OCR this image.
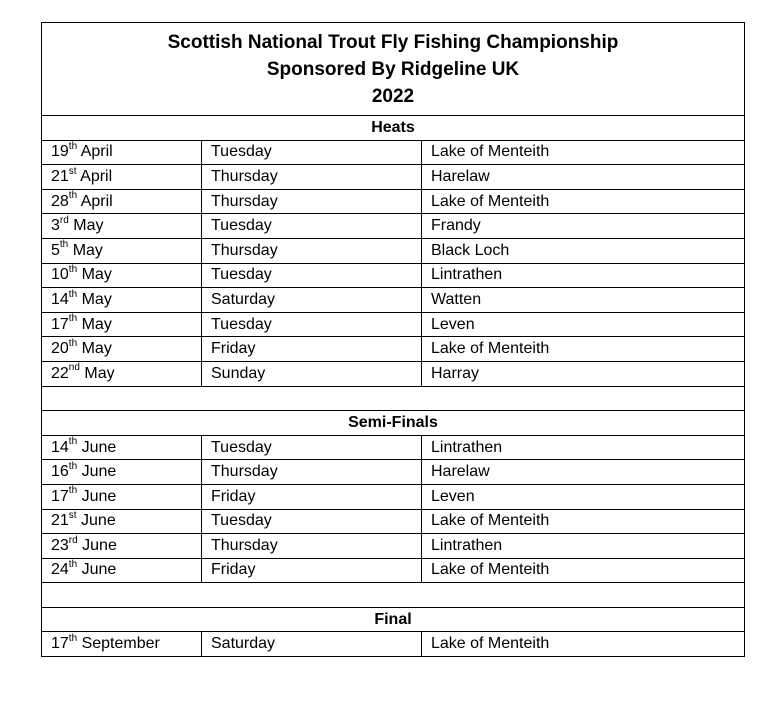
Scottish National Trout Fly Fishing Championship
Sponsored By Ridgeline UK
2022		

Heats		
19th April	Tuesday	Lake of Menteith
21st April	Thursday	Harelaw
28th April	Thursday	Lake of Menteith
3rd May	Tuesday	Frandy
5th May	Thursday	Black Loch
10th May	Tuesday	Lintrathen
14th May	Saturday	Watten
17th May	Tuesday	Leven
20th May	Friday	Lake of Menteith
22nd May	Sunday	Harray

Semi-Finals		
14th June	Tuesday	Lintrathen
16th June	Thursday	Harelaw
17th June	Friday	Leven
21st June	Tuesday	Lake of Menteith
23rd June	Thursday	Lintrathen
24th June	Friday	Lake of Menteith

Final		
17th September	Saturday	Lake of Menteith
